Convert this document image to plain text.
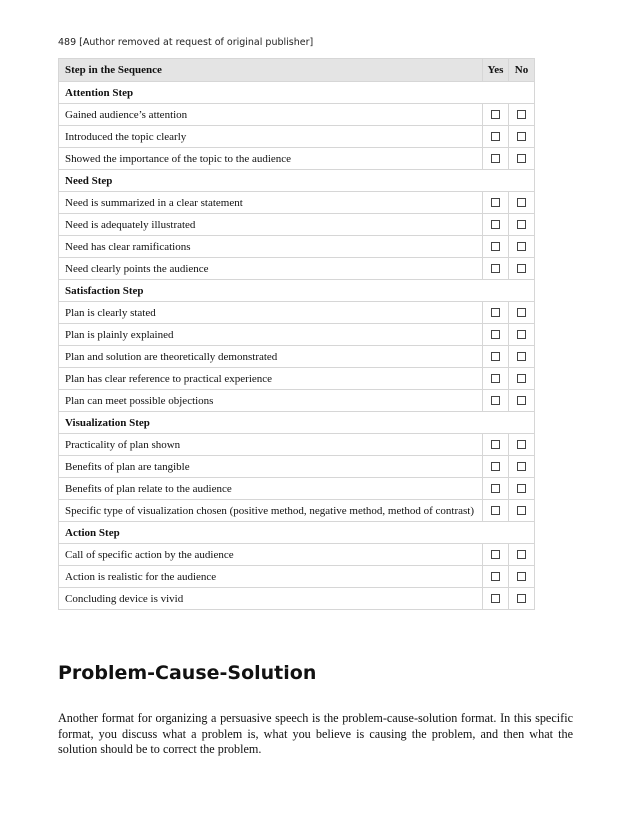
489 [Author removed at request of original publisher]
Step in the Sequence	Yes	No
Attention Step		
Gained audience’s attention		
Introduced the topic clearly		
Showed the importance of the topic to the audience		
Need Step		
Need is summarized in a clear statement		
Need is adequately illustrated		
Need has clear ramifications		
Need clearly points the audience		
Satisfaction Step		
Plan is clearly stated		
Plan is plainly explained		
Plan and solution are theoretically demonstrated		
Plan has clear reference to practical experience		
Plan can meet possible objections		
Visualization Step		
Practicality of plan shown		
Benefits of plan are tangible		
Benefits of plan relate to the audience		
Specific type of visualization chosen (positive method, negative method, method of contrast)		
Action Step		
Call of specific action by the audience		
Action is realistic for the audience		
Concluding device is vivid		
Problem-Cause-Solution

Another format for organizing a persuasive speech is the problem-cause-solution format. In this specific format, you discuss what a problem is, what you believe is causing the problem, and then what the solution should be to correct the problem.
